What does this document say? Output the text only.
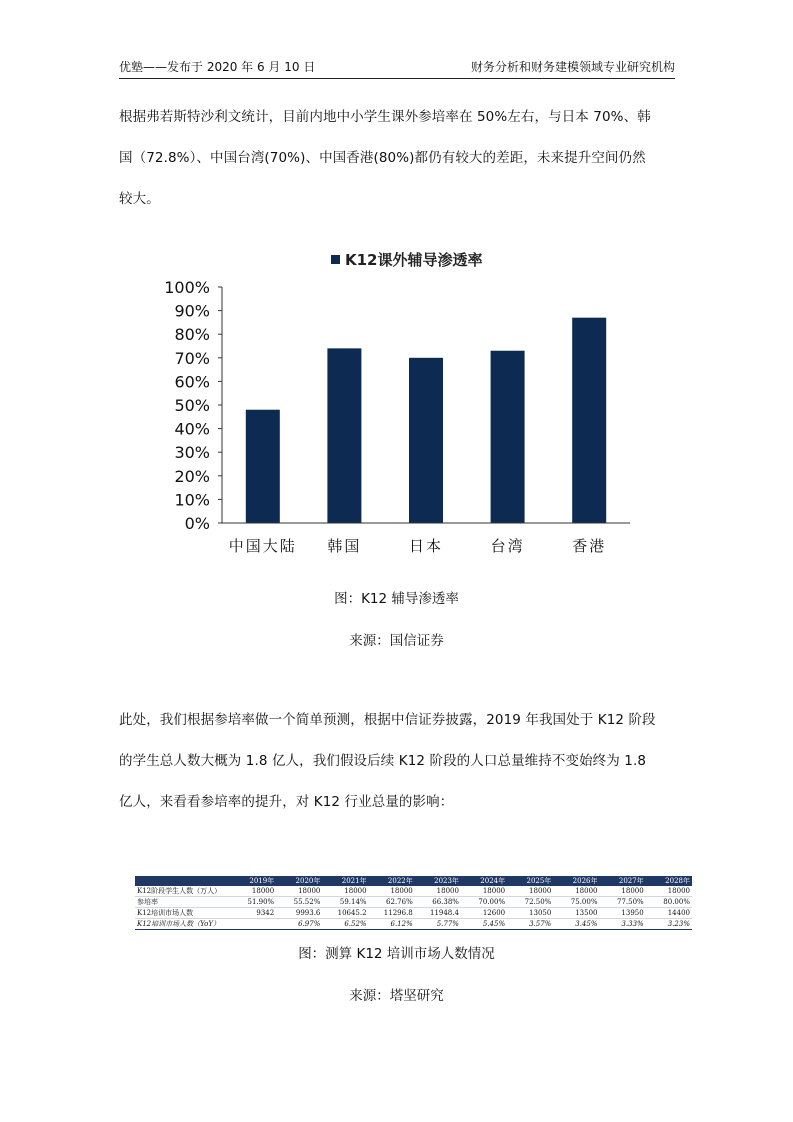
优塾——发布于 2020 年 6 月 10 日	财务分析和财务建模领域专业研究机构
根据弗若斯特沙利文统计，目前内地中小学生课外参培率在 50%左右，与日本 70%、韩
国（72.8%）、中国台湾(70%)、中国香港(80%)都仍有较大的差距，未来提升空间仍然
较大。
K12课外辅导渗透率
0%
10%
20%
30%
40%
50%
60%
70%
80%
90%
100%
中国大陆 韩国	日本	台湾	香港
图：K12 辅导渗透率
来源：国信证券
此处，我们根据参培率做一个简单预测，根据中信证券披露，2019 年我国处于 K12 阶段
的学生总人数大概为 1.8 亿人，我们假设后续 K12 阶段的人口总量维持不变始终为 1.8
亿人，来看看参培率的提升，对 K12 行业总量的影响：
	2019年	2020年	2021年	2022年	2023年	2024年	2025年	2026年	2027年	2028年
K12阶段学生人数（万人）	18000	18000	18000	18000	18000	18000	18000	18000	18000	18000
参培率	51.90%	55.52%	59.14%	62.76%	66.38%	70.00%	72.50%	75.00%	77.50%	80.00%
K12培训市场人数	9342	9993.6	10645.2	11296.8	11948.4	12600	13050	13500	13950	14400
K12培训市场人数（YoY）		6.97%	6.52%	6.12%	5.77%	5.45%	3.57%	3.45%	3.33%	3.23%
图：测算 K12 培训市场人数情况
来源：塔坚研究
